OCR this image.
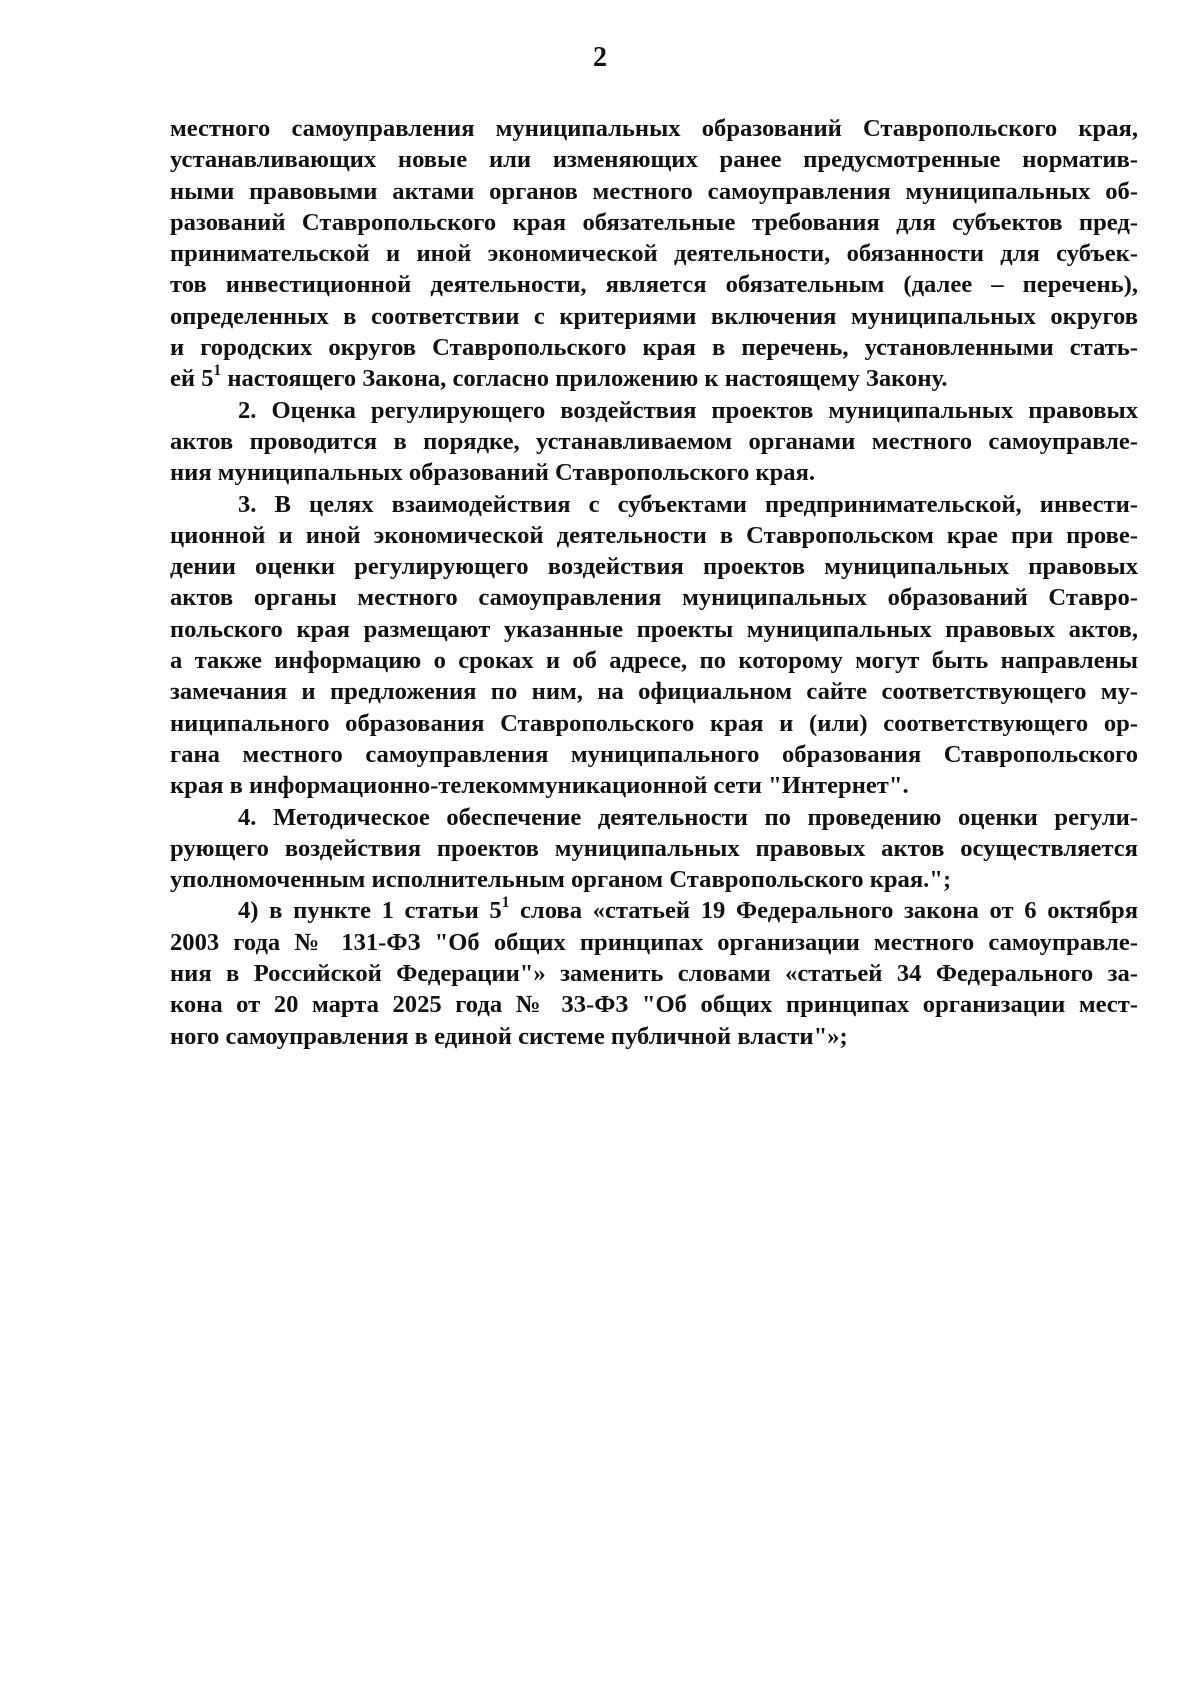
2
местного самоуправления муниципальных образований Ставропольского края,
устанавливающих новые или изменяющих ранее предусмотренные норматив-
ными правовыми актами органов местного самоуправления муниципальных об-
разований Ставропольского края обязательные требования для субъектов пред-
принимательской и иной экономической деятельности, обязанности для субъек-
тов инвестиционной деятельности, является обязательным (далее – перечень),
определенных в соответствии с критериями включения муниципальных округов
и городских округов Ставропольского края в перечень, установленными стать-
ей $5^1$ настоящего Закона, согласно приложению к настоящему Закону.
2. Оценка регулирующего воздействия проектов муниципальных правовых
актов проводится в порядке, устанавливаемом органами местного самоуправле-
ния муниципальных образований Ставропольского края.
3. В целях взаимодействия с субъектами предпринимательской, инвести-
ционной и иной экономической деятельности в Ставропольском крае при прове-
дении оценки регулирующего воздействия проектов муниципальных правовых
актов органы местного самоуправления муниципальных образований Ставро-
польского края размещают указанные проекты муниципальных правовых актов,
а также информацию о сроках и об адресе, по которому могут быть направлены
замечания и предложения по ним, на официальном сайте соответствующего му-
ниципального образования Ставропольского края и (или) соответствующего ор-
гана местного самоуправления муниципального образования Ставропольского
края в информационно-телекоммуникационной сети "Интернет".
4. Методическое обеспечение деятельности по проведению оценки регули-
рующего воздействия проектов муниципальных правовых актов осуществляется
уполномоченным исполнительным органом Ставропольского края.";
4) в пункте 1 статьи $5^1$ слова «статьей 19 Федерального закона от 6 октября
2003 года № 131-ФЗ "Об общих принципах организации местного самоуправле-
ния в Российской Федерации"» заменить словами «статьей 34 Федерального за-
кона от 20 марта 2025 года № 33-ФЗ "Об общих принципах организации мест-
ного самоуправления в единой системе публичной власти"»;
